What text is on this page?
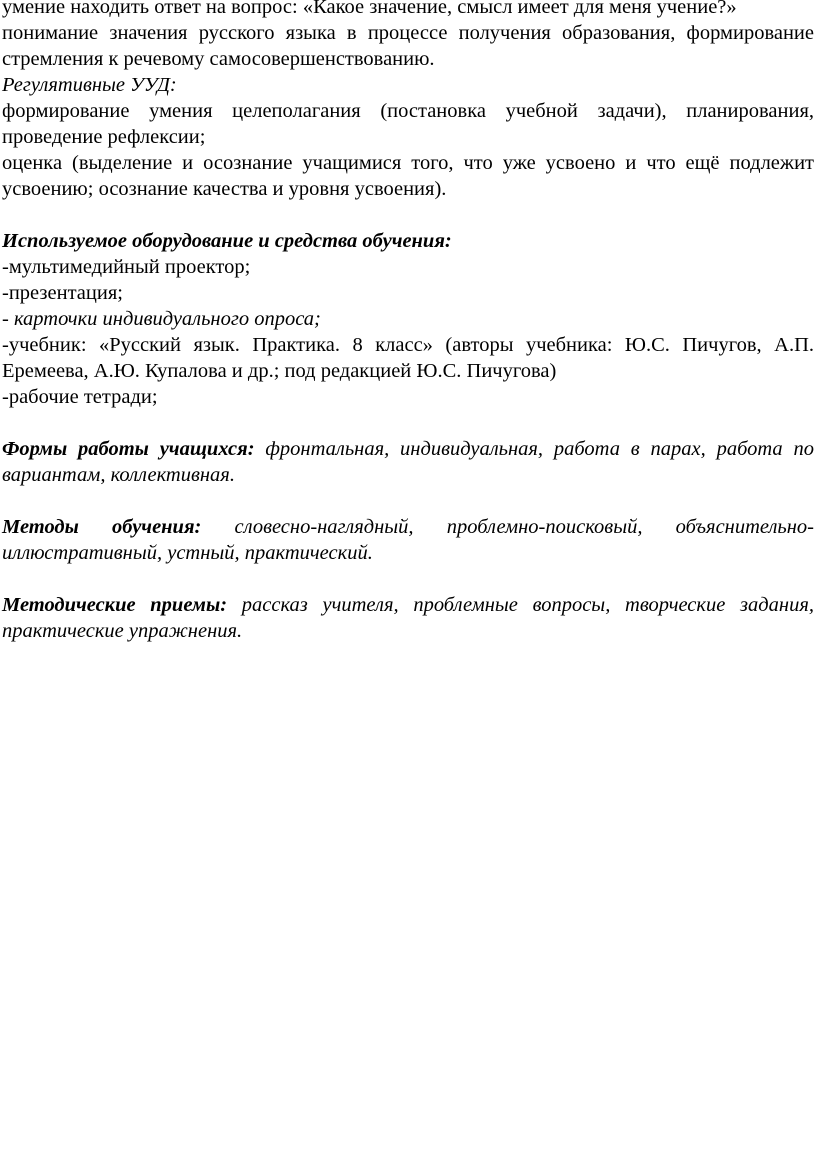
умение находить ответ на вопрос: «Какое значение, смысл имеет для меня учение?»

понимание значения русского языка в процессе получения образования, формирование стремления к речевому самосовершенствованию.

Регулятивные УУД:

формирование умения целеполагания (постановка учебной задачи), планирования, проведение рефлексии;

оценка (выделение и осознание учащимися того, что уже усвоено и что ещё подлежит усвоению; осознание качества и уровня усвоения).

Используемое оборудование и средства обучения:

-мультимедийный проектор;

-презентация;

- карточки индивидуального опроса;

-учебник: «Русский язык. Практика. 8 класс» (авторы учебника: Ю.С. Пичугов, А.П. Еремеева, А.Ю. Купалова и др.; под редакцией Ю.С. Пичугова)

-рабочие тетради;

Формы работы учащихся: фронтальная, индивидуальная, работа в парах, работа по вариантам, коллективная.

Методы обучения: словесно-наглядный, проблемно-поисковый, объяснительно-иллюстративный, устный, практический.

Методические приемы: рассказ учителя, проблемные вопросы, творческие задания, практические упражнения.
